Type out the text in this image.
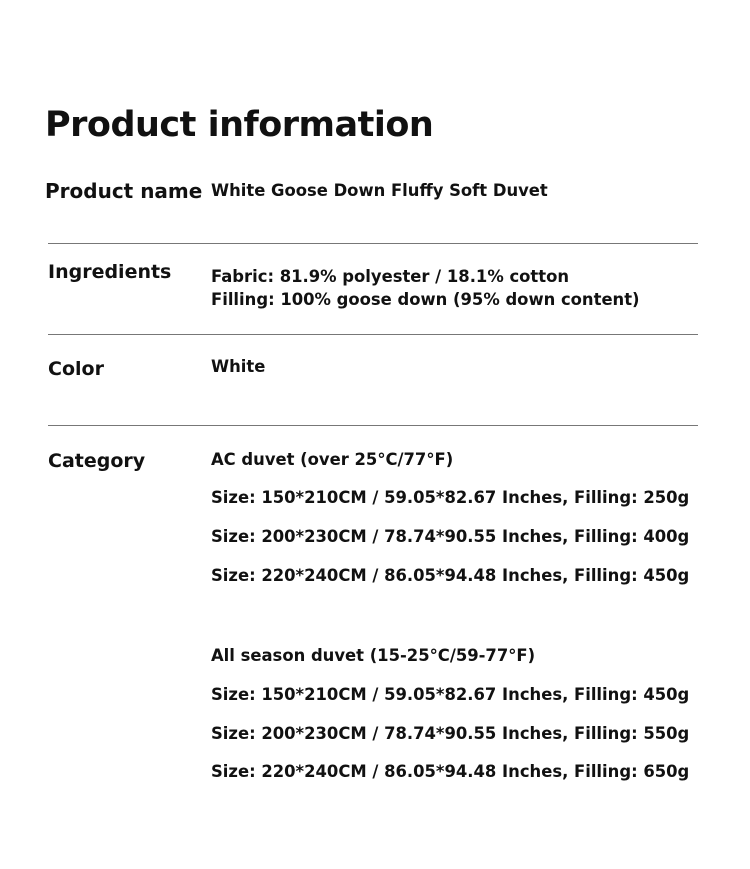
Product information
Product name White Goose Down Fluffy Soft Duvet
Ingredients Fabric: 81.9% polyester / 18.1% cotton
Filling: 100% goose down (95% down content)
Color	White
Category	AC duvet (over 25°C/77°F)
Size: 150*210CM / 59.05*82.67 Inches, Filling: 250g
Size: 200*230CM / 78.74*90.55 Inches, Filling: 400g
Size: 220*240CM / 86.05*94.48 Inches, Filling: 450g
All season duvet (15-25°C/59-77°F)
Size: 150*210CM / 59.05*82.67 Inches, Filling: 450g
Size: 200*230CM / 78.74*90.55 Inches, Filling: 550g
Size: 220*240CM / 86.05*94.48 Inches, Filling: 650g
